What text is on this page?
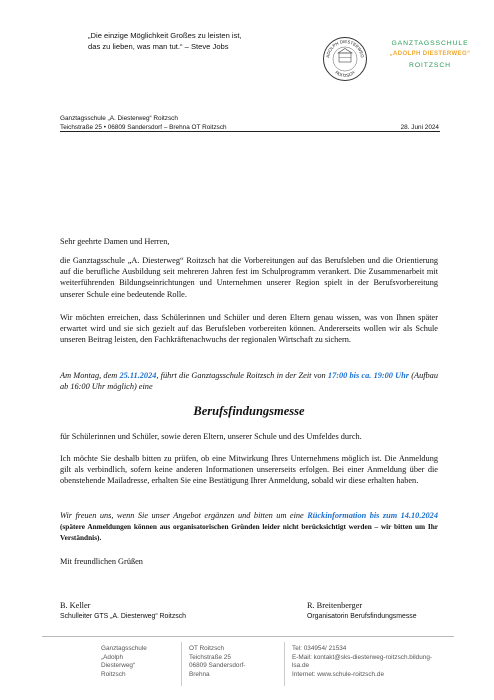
„Die einzige Möglichkeit Großes zu leisten ist,
das zu lieben, was man tut.“ – Steve Jobs
ADOLPH DIESTERWEG
ROITZSCH
GANZTAGSSCHULE
„ADOLPH DIESTERWEG“
ROITZSCH
Ganztagsschule „A. Diesterweg“ Roitzsch
Teichstraße 25 • 06809 Sandersdorf – Brehna OT Roitzsch	28. Juni 2024
Sehr geehrte Damen und Herren,
die Ganztagsschule „A. Diesterweg“ Roitzsch hat die Vorbereitungen auf das Berufsleben und die Orientierung auf die berufliche Ausbildung seit mehreren Jahren fest im Schulprogramm verankert. Die Zusammenarbeit mit weiterführenden Bildungseinrichtungen und Unternehmen unserer Region spielt in der Berufsvorbereitung unserer Schule eine bedeutende Rolle.
Wir möchten erreichen, dass Schülerinnen und Schüler und deren Eltern genau wissen, was von Ihnen später erwartet wird und sie sich gezielt auf das Berufsleben vorbereiten können. Andererseits wollen wir als Schule unseren Beitrag leisten, den Fachkräftenachwuchs der regionalen Wirtschaft zu sichern.
Am Montag, dem 25.11.2024, führt die Ganztagsschule Roitzsch in der Zeit von 17:00 bis ca. 19:00 Uhr (Aufbau ab 16:00 Uhr möglich) eine
Berufsfindungsmesse
für Schülerinnen und Schüler, sowie deren Eltern, unserer Schule und des Umfeldes durch.
Ich möchte Sie deshalb bitten zu prüfen, ob eine Mitwirkung Ihres Unternehmens möglich ist. Die Anmeldung gilt als verbindlich, sofern keine anderen Informationen unsererseits erfolgen. Bei einer Anmeldung über die obenstehende Mailadresse, erhalten Sie eine Bestätigung Ihrer Anmeldung, sobald wir diese erhalten haben.
Wir freuen uns, wenn Sie unser Angebot ergänzen und bitten um eine Rückinformation bis zum 14.10.2024 (spätere Anmeldungen können aus organisatorischen Gründen leider nicht berücksichtigt werden – wir bitten um Ihr Verständnis).
Mit freundlichen Grüßen
B. Keller
Schulleiter GTS „A. Diesterweg“ Roitzsch
R. Breitenberger
Organisatorin Berufsfindungsmesse
Ganztagsschule
„Adolph
Diesterweg“
Roitzsch
OT Roitzsch
Teichstraße 25
06809 Sandersdorf-
Brehna
Tel: 034954/ 21534
E-Mail: kontakt@sks-diesterweg-roitzsch.bildung-
lsa.de
Internet: www.schule-roitzsch.de
